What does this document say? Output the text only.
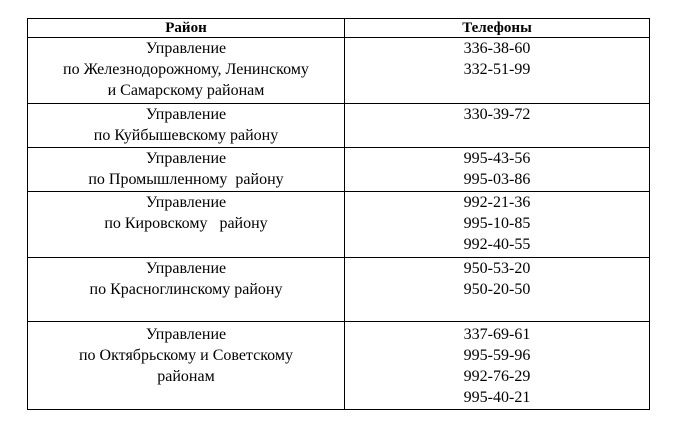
Район	Телефоны

Управление
по Железнодорожному, Ленинскому
и Самарскому районам	336-38-60
332-51-99

Управление
по Куйбышевскому району	330-39-72

Управление
по Промышленному  району	995-43-56
995-03-86

Управление
по Кировскому   району	992-21-36
995-10-85
992-40-55

Управление
по Красноглинскому району	950-53-20
950-20-50

Управление
по Октябрьскому и Советскому
районам	337-69-61
995-59-96
992-76-29
995-40-21
